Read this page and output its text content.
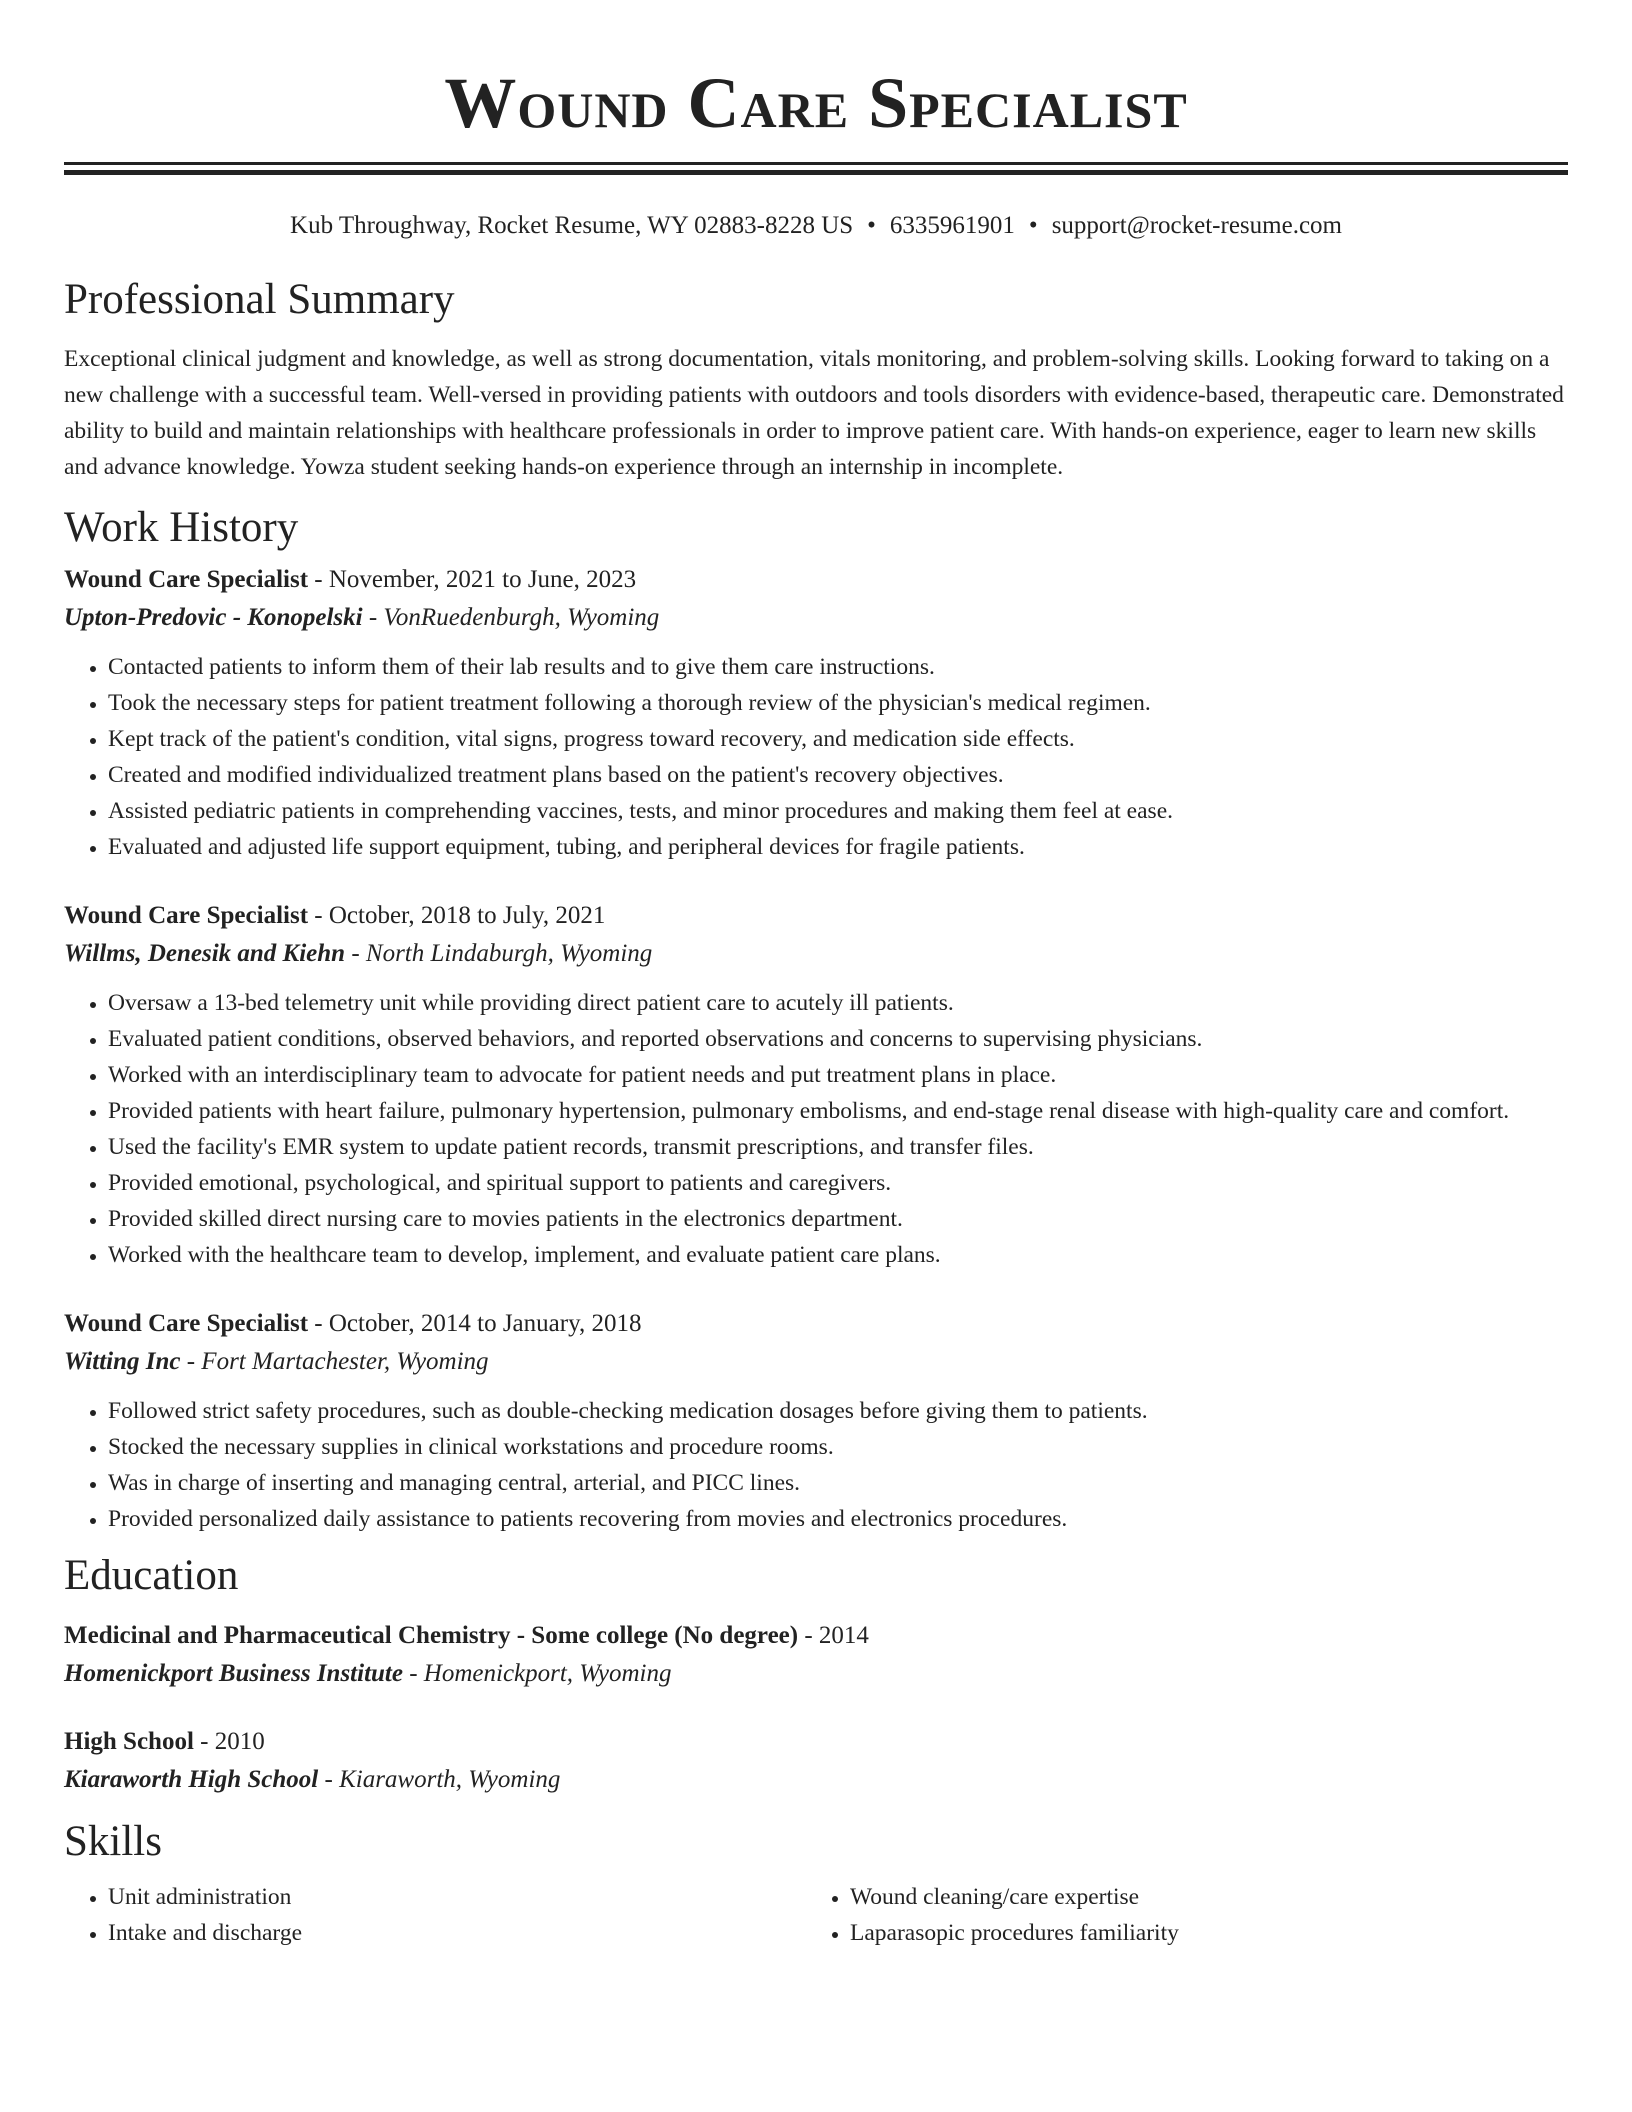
Wound Care Specialist
Kub Throughway, Rocket Resume, WY 02883-8228 US • 6335961901 • support@rocket-resume.com
Professional Summary

Exceptional clinical judgment and knowledge, as well as strong documentation, vitals monitoring, and problem-solving skills. Looking forward to taking on a new challenge with a successful team. Well-versed in providing patients with outdoors and tools disorders with evidence-based, therapeutic care. Demonstrated ability to build and maintain relationships with healthcare professionals in order to improve patient care. With hands-on experience, eager to learn new skills and advance knowledge. Yowza student seeking hands-on experience through an internship in incomplete.

Work History
Wound Care Specialist - November, 2021 to June, 2023
Upton-Predovic - Konopelski - VonRuedenburgh, Wyoming
• Contacted patients to inform them of their lab results and to give them care instructions.
• Took the necessary steps for patient treatment following a thorough review of the physician's medical regimen.
• Kept track of the patient's condition, vital signs, progress toward recovery, and medication side effects.
• Created and modified individualized treatment plans based on the patient's recovery objectives.
• Assisted pediatric patients in comprehending vaccines, tests, and minor procedures and making them feel at ease.
• Evaluated and adjusted life support equipment, tubing, and peripheral devices for fragile patients.
Wound Care Specialist - October, 2018 to July, 2021
Willms, Denesik and Kiehn - North Lindaburgh, Wyoming
• Oversaw a 13-bed telemetry unit while providing direct patient care to acutely ill patients.
• Evaluated patient conditions, observed behaviors, and reported observations and concerns to supervising physicians.
• Worked with an interdisciplinary team to advocate for patient needs and put treatment plans in place.
• Provided patients with heart failure, pulmonary hypertension, pulmonary embolisms, and end-stage renal disease with high-quality care and comfort.
• Used the facility's EMR system to update patient records, transmit prescriptions, and transfer files.
• Provided emotional, psychological, and spiritual support to patients and caregivers.
• Provided skilled direct nursing care to movies patients in the electronics department.
• Worked with the healthcare team to develop, implement, and evaluate patient care plans.
Wound Care Specialist - October, 2014 to January, 2018
Witting Inc - Fort Martachester, Wyoming
• Followed strict safety procedures, such as double-checking medication dosages before giving them to patients.
• Stocked the necessary supplies in clinical workstations and procedure rooms.
• Was in charge of inserting and managing central, arterial, and PICC lines.
• Provided personalized daily assistance to patients recovering from movies and electronics procedures.
Education
Medicinal and Pharmaceutical Chemistry - Some college (No degree) - 2014
Homenickport Business Institute - Homenickport, Wyoming
High School - 2010
Kiaraworth High School - Kiaraworth, Wyoming
Skills
• Unit administration
• Intake and discharge
• Wound cleaning/care expertise
• Laparasopic procedures familiarity
